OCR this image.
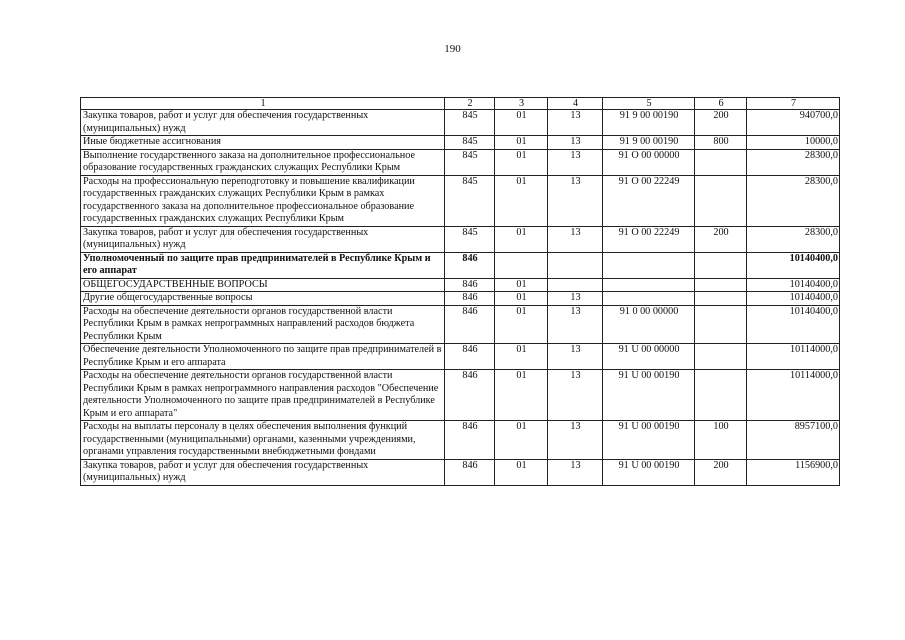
190
1	2	3	4	5	6	7
Закупка товаров, работ и услуг для обеспечения государственных (муниципальных) нужд	845	01	13	91 9 00 00190	200	940700,0
Иные бюджетные ассигнования	845	01	13	91 9 00 00190	800	10000,0
Выполнение государственного заказа на дополнительное профессиональное образование государственных гражданских служащих Республики Крым	845	01	13	91 О 00 00000		28300,0
Расходы на профессиональную переподготовку и повышение квалификации государственных гражданских служащих Республики Крым в рамках государственного заказа на дополнительное профессиональное образование государственных гражданских служащих Республики Крым	845	01	13	91 О 00 22249		28300,0
Закупка товаров, работ и услуг для обеспечения государственных (муниципальных) нужд	845	01	13	91 О 00 22249	200	28300,0
Уполномоченный по защите прав предпринимателей в Республике Крым и его аппарат	846					10140400,0
ОБЩЕГОСУДАРСТВЕННЫЕ ВОПРОСЫ	846	01				10140400,0
Другие общегосударственные вопросы	846	01	13			10140400,0
Расходы на обеспечение деятельности органов государственной власти Республики Крым в рамках непрограммных направлений расходов бюджета Республики Крым	846	01	13	91 0 00 00000		10140400,0
Обеспечение деятельности Уполномоченного по защите прав предпринимателей в Республике Крым и его аппарата	846	01	13	91 U 00 00000		10114000,0
Расходы на обеспечение деятельности органов государственной власти Республики Крым в рамках непрограммного направления расходов "Обеспечение деятельности Уполномоченного по защите прав предпринимателей в Республике Крым и его аппарата"	846	01	13	91 U 00 00190		10114000,0
Расходы на выплаты персоналу в целях обеспечения выполнения функций государственными (муниципальными) органами, казенными учреждениями, органами управления государственными внебюджетными фондами	846	01	13	91 U 00 00190	100	8957100,0
Закупка товаров, работ и услуг для обеспечения государственных (муниципальных) нужд	846	01	13	91 U 00 00190	200	1156900,0
